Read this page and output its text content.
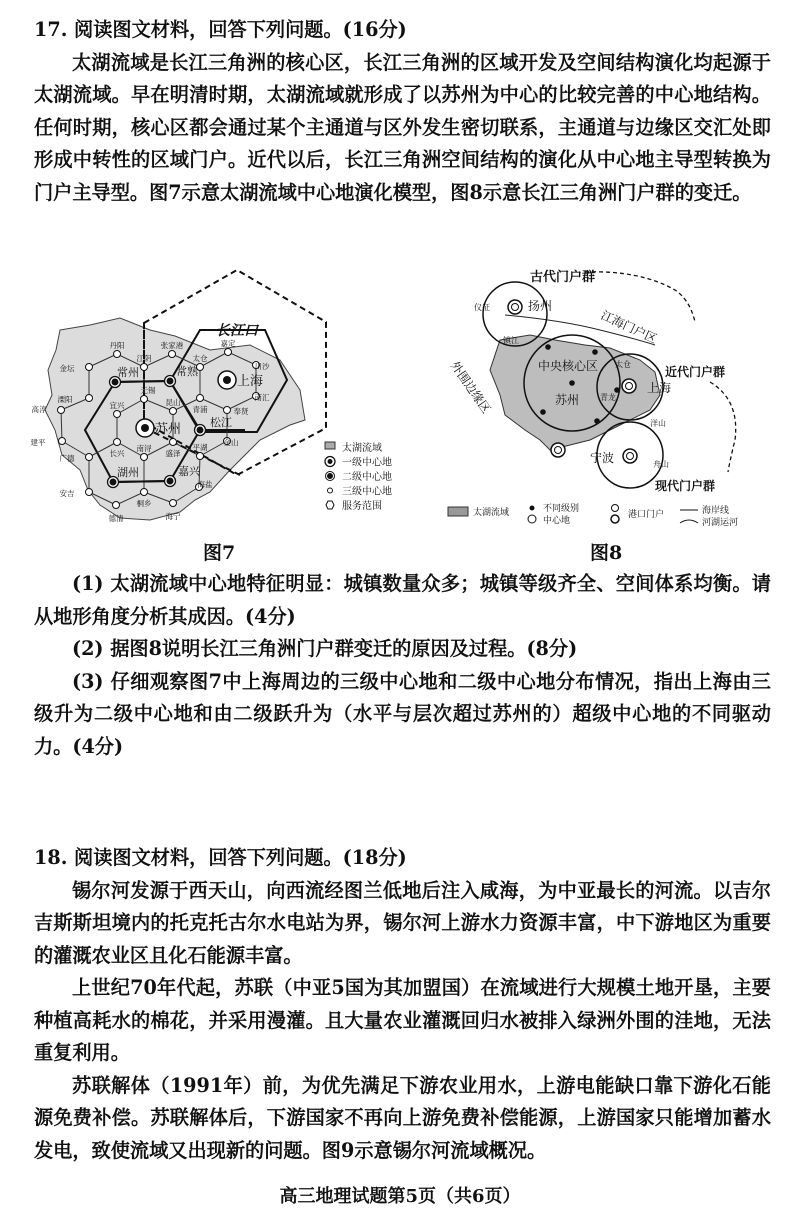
17. 阅读图文材料，回答下列问题。(16分)

太湖流域是长江三角洲的核心区，长江三角洲的区域开发及空间结构演化均起源于太湖流域。早在明清时期，太湖流域就形成了以苏州为中心的比较完善的中心地结构。任何时期，核心区都会通过某个主通道与区外发生密切联系，主通道与边缘区交汇处即形成中转性的区域门户。近代以后，长江三角洲空间结构的演化从中心地主导型转换为门户主导型。图7示意太湖流域中心地演化模型，图8示意长江三角洲门户群的变迁。

丹阳	张家港	嘉定
金坛
江阴	太仓
川沙
溧阳
无锡
青浦
南汇
高淳	宜兴	昆山
奉贤
建平
长兴	盛泽
金山
南浔	平湖
广德
海盐
安吉
桐乡
德清	海宁
常州	常熟
松江
湖州	嘉兴
上海
苏州
长江口
太湖流域
一级中心地
二级中心地
三级中心地
服务范围
古代门户群
扬州
仪征
镇江	江海门户区
近代门户群
中央核心区
苏州
上海
太仓
青龙
外围边缘区
洋山
舟山
宁波
现代门户群
太湖流域	不同级别
中心地
港口门户	海岸线
河湖运河
图7	图8

(1) 太湖流域中心地特征明显：城镇数量众多；城镇等级齐全、空间体系均衡。请从地形角度分析其成因。(4分)

(2) 据图8说明长江三角洲门户群变迁的原因及过程。(8分)

(3) 仔细观察图7中上海周边的三级中心地和二级中心地分布情况，指出上海由三级升为二级中心地和由二级跃升为（水平与层次超过苏州的）超级中心地的不同驱动力。(4分)

18. 阅读图文材料，回答下列问题。(18分)

锡尔河发源于西天山，向西流经图兰低地后注入咸海，为中亚最长的河流。以吉尔吉斯斯坦境内的托克托古尔水电站为界，锡尔河上游水力资源丰富，中下游地区为重要的灌溉农业区且化石能源丰富。

上世纪70年代起，苏联（中亚5国为其加盟国）在流域进行大规模土地开垦，主要种植高耗水的棉花，并采用漫灌。且大量农业灌溉回归水被排入绿洲外围的洼地，无法重复利用。

苏联解体（1991年）前，为优先满足下游农业用水，上游电能缺口靠下游化石能源免费补偿。苏联解体后，下游国家不再向上游免费补偿能源，上游国家只能增加蓄水发电，致使流域又出现新的问题。图9示意锡尔河流域概况。

高三地理试题第5页（共6页）
